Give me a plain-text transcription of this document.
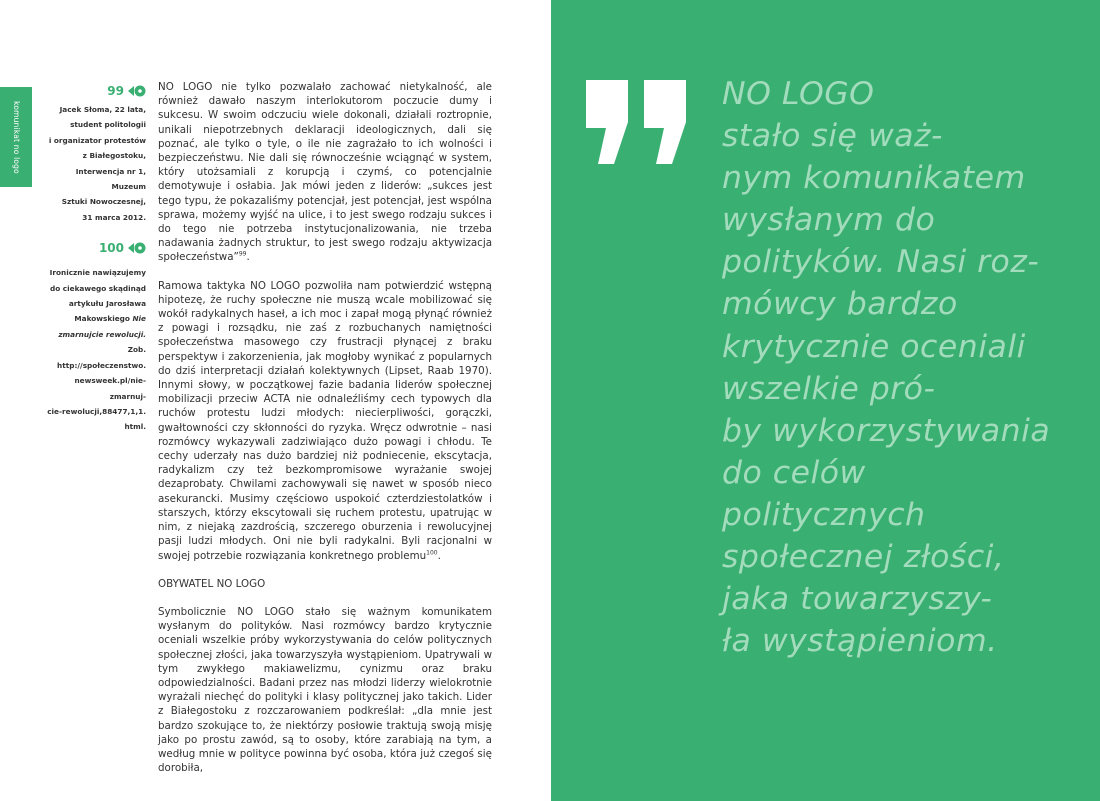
komunikat no logo
99
Jacek Słoma, 22 lata,
student politologii
i organizator protestów
z Białegostoku,
Interwencja nr 1, Muzeum
Sztuki Nowoczesnej,
31 marca 2012.
100
Ironicznie nawiązujemy
do ciekawego skądinąd
artykułu Jarosława
Makowskiego Nie
zmarnujcie rewolucji.
Zob. http://społeczenstwo.
newsweek.pl/nie-zmarnuj-
cie-rewolucji,88477,1,1.
html.

NO LOGO nie tylko pozwalało zachować nietykalność, ale również dawało naszym interlokutorom poczucie dumy i sukcesu. W swoim odczuciu wiele dokonali, działali roztropnie, unikali niepotrzebnych deklaracji ideologicznych, dali się poznać, ale tylko o tyle, o ile nie zagrażało to ich wolności i bezpieczeństwu. Nie dali się równocześnie wciągnąć w system, który utożsamiali z korupcją i czymś, co potencjalnie demotywuje i osłabia. Jak mówi jeden z liderów: „sukces jest tego typu, że pokazaliśmy potencjał, jest potencjał, jest wspólna sprawa, możemy wyjść na ulice, i to jest swego rodzaju sukces i do tego nie potrzeba instytucjonalizowania, nie trzeba nadawania żadnych struktur, to jest swego rodzaju aktywizacja społeczeństwa”$^{99}$.

Ramowa taktyka NO LOGO pozwoliła nam potwierdzić wstępną hipotezę, że ruchy społeczne nie muszą wcale mobilizować się wokół radykalnych haseł, a ich moc i zapał mogą płynąć również z powagi i rozsądku, nie zaś z rozbuchanych namiętności społeczeństwa masowego czy frustracji płynącej z braku perspektyw i zakorzenienia, jak mogłoby wynikać z popularnych do dziś interpretacji działań kolektywnych (Lipset, Raab 1970). Innymi słowy, w początkowej fazie badania liderów społecznej mobilizacji przeciw ACTA nie odnaleźliśmy cech typowych dla ruchów protestu ludzi młodych: niecierpliwości, gorączki, gwałtowności czy skłonności do ryzyka. Wręcz odwrotnie – nasi rozmówcy wykazywali zadziwiająco dużo powagi i chłodu. Te cechy uderzały nas dużo bardziej niż podniecenie, ekscytacja, radykalizm czy też bezkompromisowe wyrażanie swojej dezaprobaty. Chwilami zachowywali się nawet w sposób nieco asekurancki. Musimy częściowo uspokoić czterdziestolatków i starszych, którzy ekscytowali się ruchem protestu, upatrując w nim, z niejaką zazdrością, szczerego oburzenia i rewolucyjnej pasji ludzi młodych. Oni nie byli radykalni. Byli racjonalni w swojej potrzebie rozwiązania konkretnego problemu$^{100}$.

OBYWATEL NO LOGO

Symbolicznie NO LOGO stało się ważnym komunikatem wysłanym do polityków. Nasi rozmówcy bardzo krytycznie oceniali wszelkie próby wykorzystywania do celów politycznych społecznej złości, jaka towarzyszyła wystąpieniom. Upatrywali w tym zwykłego makiawelizmu, cynizmu oraz braku odpowiedzialności. Badani przez nas młodzi liderzy wielokrotnie wyrażali niechęć do polityki i klasy politycznej jako takich. Lider z Białegostoku z rozczarowaniem podkreślał: „dla mnie jest bardzo szokujące to, że niektórzy posłowie traktują swoją misję jako po prostu zawód, są to osoby, które zarabiają na tym, a według mnie w polityce powinna być osoba, która już czegoś się dorobiła,

NO LOGO
stało się waż-
nym komunikatem
wysłanym do
polityków. Nasi roz-
mówcy bardzo
krytycznie oceniali
wszelkie pró-
by wykorzystywania
do celów
politycznych
społecznej złości,
jaka towarzyszy-
ła wystąpieniom.
